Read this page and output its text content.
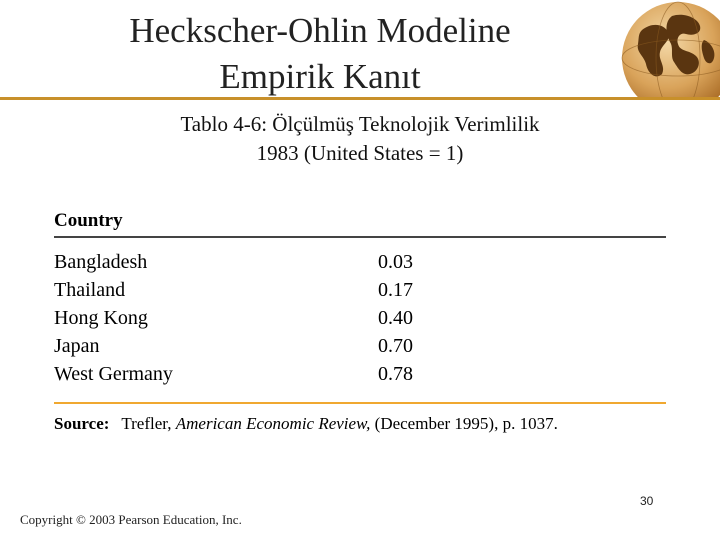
Heckscher-Ohlin Modeline
Empirik Kanıt
Tablo 4-6: Ölçülmüş Teknolojik Verimlilik
1983 (United States = 1)
Country
Bangladesh	0.03
Thailand	0.17
Hong Kong	0.40
Japan	0.70
West Germany	0.78
Source: Trefler, American Economic Review, (December 1995), p. 1037.
30
Copyright © 2003 Pearson Education, Inc.
